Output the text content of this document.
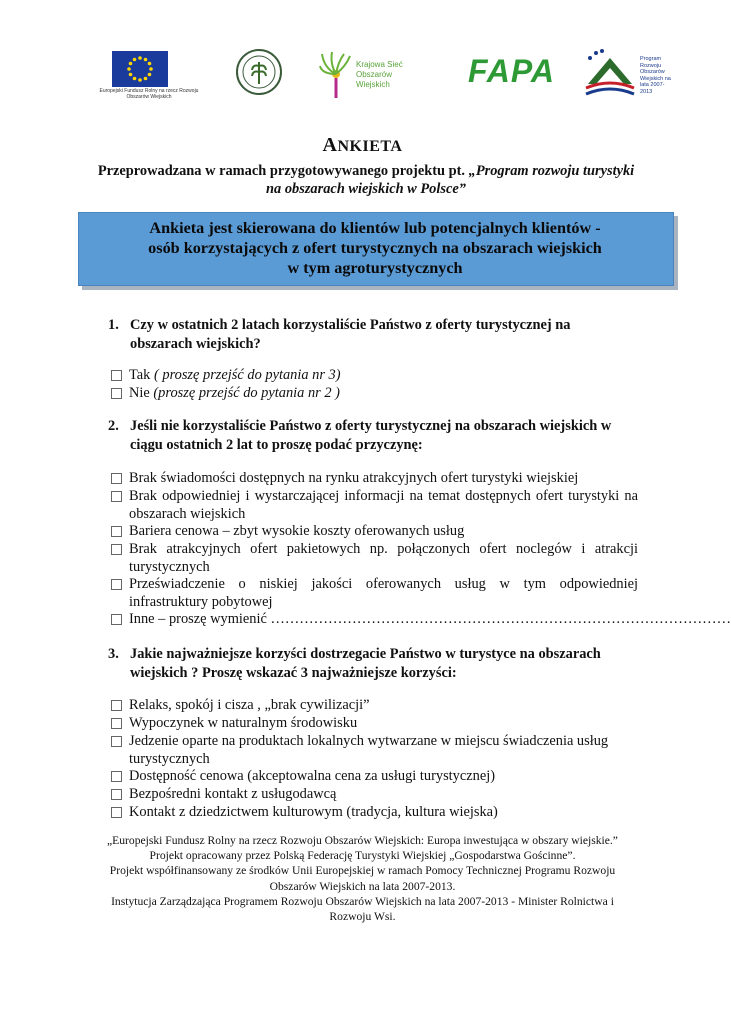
Europejski Fundusz Rolny na rzecz Rozwoju Obszarów Wiejskich
Krajowa Sieć Obszarów Wiejskich	FAPA	Program Rozwoju Obszarów Wiejskich na lata 2007-2013
ANKIETA
Przeprowadzana w ramach przygotowywanego projektu pt. „Program rozwoju turystyki na obszarach wiejskich w Polsce”
Ankieta jest skierowana do klientów lub potencjalnych klientów -
osób korzystających z ofert turystycznych na obszarach wiejskich
w tym agroturystycznych
1. Czy w ostatnich 2 latach korzystaliście Państwo z oferty turystycznej na obszarach wiejskich?
Tak ( proszę przejść do pytania nr 3)
Nie (proszę przejść do pytania nr 2 )
2. Jeśli nie korzystaliście Państwo z oferty turystycznej na obszarach wiejskich w ciągu ostatnich 2 lat to proszę podać przyczynę:
Brak świadomości dostępnych na rynku atrakcyjnych ofert turystyki wiejskiej
Brak odpowiedniej i wystarczającej informacji na temat dostępnych ofert turystyki na obszarach wiejskich
Bariera cenowa – zbyt wysokie koszty oferowanych usług
Brak atrakcyjnych ofert pakietowych np. połączonych ofert noclegów i atrakcji turystycznych
Przeświadczenie o niskiej jakości oferowanych usług w tym odpowiedniej infrastruktury pobytowej
Inne – proszę wymienić ……………………………………………………………………………………
3. Jakie najważniejsze korzyści dostrzegacie Państwo w turystyce na obszarach wiejskich ? Proszę wskazać 3 najważniejsze korzyści:
Relaks, spokój i cisza , „brak cywilizacji”
Wypoczynek w naturalnym środowisku
Jedzenie oparte na produktach lokalnych wytwarzane w miejscu świadczenia usług turystycznych
Dostępność cenowa (akceptowalna cena za usługi turystycznej)
Bezpośredni kontakt z usługodawcą
Kontakt z dziedzictwem kulturowym (tradycja, kultura wiejska)

„Europejski Fundusz Rolny na rzecz Rozwoju Obszarów Wiejskich: Europa inwestująca w obszary wiejskie.”

Projekt opracowany przez Polską Federację Turystyki Wiejskiej „Gospodarstwa Gościnne”.

Projekt współfinansowany ze środków Unii Europejskiej w ramach Pomocy Technicznej Programu Rozwoju Obszarów Wiejskich na lata 2007-2013.

Instytucja Zarządzająca Programem Rozwoju Obszarów Wiejskich na lata 2007-2013 - Minister Rolnictwa i Rozwoju Wsi.
